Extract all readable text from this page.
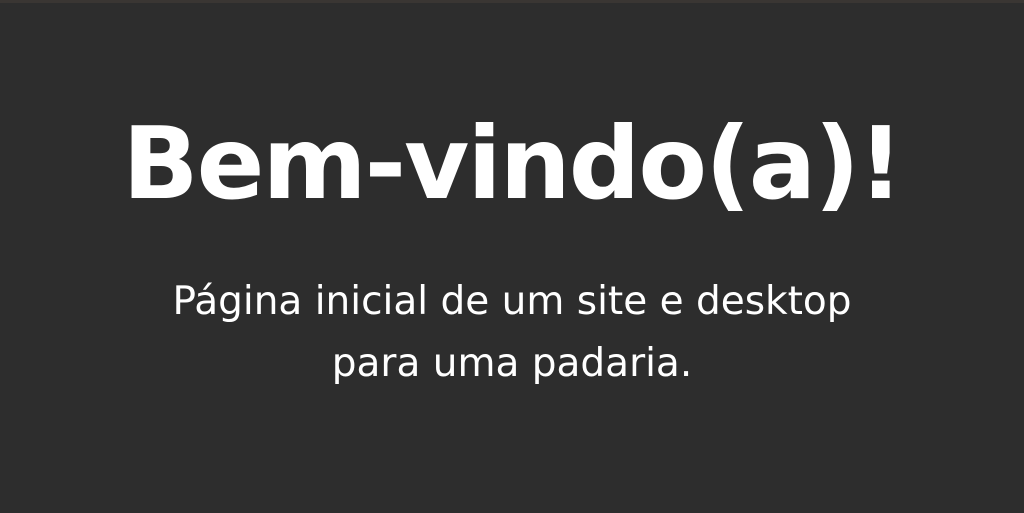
Bem-vindo(a)!

Página inicial de um site e desktop
para uma padaria.
